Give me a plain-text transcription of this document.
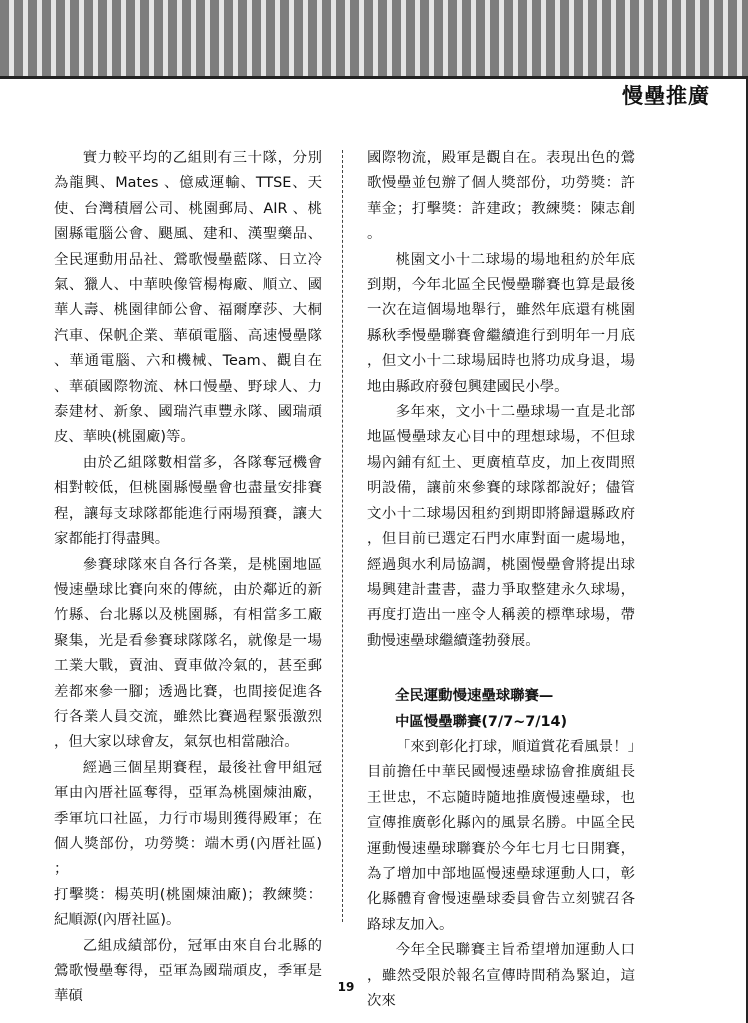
慢壘推廣

實力較平均的乙組則有三十隊，分別為龍興、Mates 、億威運輸、TTSE、天使、台灣積層公司、桃園郵局、AIR 、桃園縣電腦公會、颶風、建和、漢聖藥品、全民運動用品社、鶯歌慢壘藍隊、日立冷氣、獵人、中華映像管楊梅廠、順立、國華人壽、桃園律師公會、福爾摩莎、大桐汽車、保帆企業、華碩電腦、高速慢壘隊、華通電腦、六和機械、Team、觀自在、華碩國際物流、林口慢壘、野球人、力泰建材、新象、國瑞汽車豐永隊、國瑞頑皮、華映(桃園廠)等。

由於乙組隊數相當多，各隊奪冠機會相對較低，但桃園縣慢壘會也盡量安排賽程，讓每支球隊都能進行兩場預賽，讓大家都能打得盡興。

參賽球隊來自各行各業，是桃園地區慢速壘球比賽向來的傳統，由於鄰近的新竹縣、台北縣以及桃園縣，有相當多工廠聚集，光是看參賽球隊隊名，就像是一場工業大戰，賣油、賣車做冷氣的，甚至郵差都來參一腳；透過比賽，也間接促進各行各業人員交流，雖然比賽過程緊張激烈，但大家以球會友，氣氛也相當融洽。

經過三個星期賽程，最後社會甲組冠軍由內厝社區奪得，亞軍為桃園煉油廠，季軍坑口社區，力行市場則獲得殿軍；在個人獎部份，功勞獎：端木勇(內厝社區)；

打擊獎：楊英明(桃園煉油廠)；教練獎：紀順源(內厝社區)。

乙組成績部份，冠軍由來自台北縣的鶯歌慢壘奪得，亞軍為國瑞頑皮，季軍是華碩

國際物流，殿軍是觀自在。表現出色的鶯歌慢壘並包辦了個人獎部份，功勞獎：許華金；打擊獎：許建政；教練獎：陳志創。

桃園文小十二球場的場地租約於年底到期，今年北區全民慢壘聯賽也算是最後一次在這個場地舉行，雖然年底還有桃園縣秋季慢壘聯賽會繼續進行到明年一月底，但文小十二球場屆時也將功成身退，場地由縣政府發包興建國民小學。

多年來，文小十二壘球場一直是北部地區慢壘球友心目中的理想球場，不但球場內鋪有紅土、更廣植草皮，加上夜間照明設備，讓前來參賽的球隊都說好；儘管文小十二球場因租約到期即將歸還縣政府，但目前已選定石門水庫對面一處場地，經過與水利局協調，桃園慢壘會將提出球場興建計畫書，盡力爭取整建永久球場，再度打造出一座令人稱羨的標準球場，帶動慢速壘球繼續蓬勃發展。

全民運動慢速壘球聯賽—

中區慢壘聯賽(7/7~7/14)

「來到彰化打球，順道賞花看風景！」目前擔任中華民國慢速壘球協會推廣組長王世忠，不忘隨時隨地推廣慢速壘球，也宣傳推廣彰化縣內的風景名勝。中區全民運動慢速壘球聯賽於今年七月七日開賽，為了增加中部地區慢速壘球運動人口，彰化縣體育會慢速壘球委員會告立刻號召各路球友加入。

今年全民聯賽主旨希望增加運動人口，雖然受限於報名宣傳時間稍為緊迫，這次來

19
